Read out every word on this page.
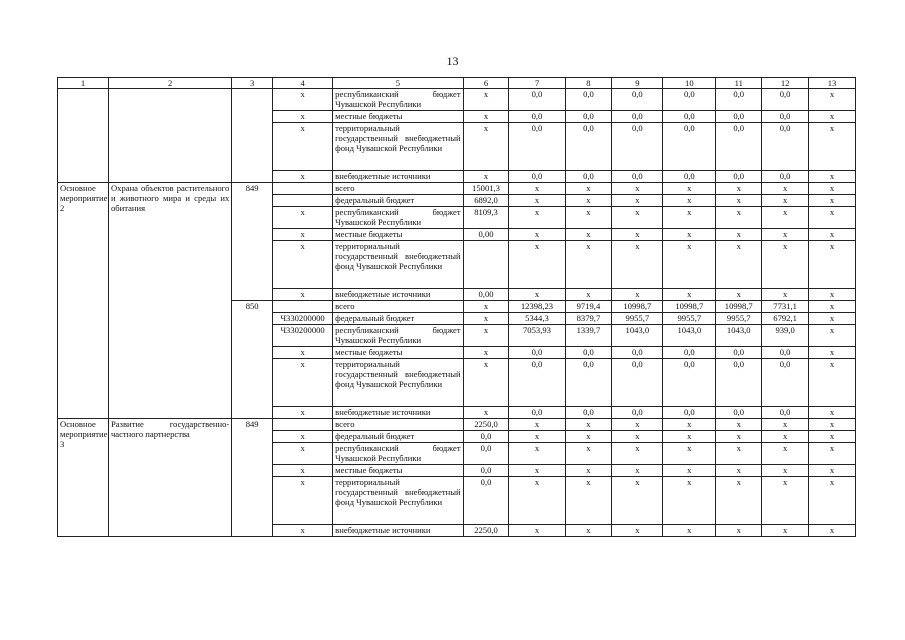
13
1	2	3	4	5	6	7	8	9	10	11	12	13
			x	республиканский бюджет Чувашской Республики	x	0,0	0,0	0,0	0,0	0,0	0,0	x
			x	местные бюджеты	x	0,0	0,0	0,0	0,0	0,0	0,0	x
			x	территориальный государственный внебюджетный фонд Чувашской Республики	x	0,0	0,0	0,0	0,0	0,0	0,0	x
			x	внебюджетные источники	x	0,0	0,0	0,0	0,0	0,0	0,0	x
Основное мероприятие 2	Охрана объектов растительного и животного мира и среды их обитания	849		всего	15001,3	x	x	x	x	x	x	x
				федеральный бюджет	6892,0	x	x	x	x	x	x	x
			x	республиканский бюджет Чувашской Республики	8109,3	x	x	x	x	x	x	x
			x	местные бюджеты	0,00	x	x	x	x	x	x	x
			x	территориальный государственный внебюджетный фонд Чувашской Республики		x	x	x	x	x	x	x
			x	внебюджетные источники	0,00	x	x	x	x	x	x	x
		850		всего	x	12398,23	9719,4	10998,7	10998,7	10998,7	7731,1	x
			Ч330200000	федеральный бюджет	x	5344,3	8379,7	9955,7	9955,7	9955,7	6792,1	x
			Ч330200000	республиканский бюджет Чувашской Республики	x	7053,93	1339,7	1043,0	1043,0	1043,0	939,0	x
			x	местные бюджеты	x	0,0	0,0	0,0	0,0	0,0	0,0	x
			x	территориальный государственный внебюджетный фонд Чувашской Республики	x	0,0	0,0	0,0	0,0	0,0	0,0	x
			x	внебюджетные источники	x	0,0	0,0	0,0	0,0	0,0	0,0	x
Основное мероприятие 3	Развитие государственно-частного партнерства	849		всего	2250,0	x	x	x	x	x	x	x
			x	федеральный бюджет	0,0	x	x	x	x	x	x	x
			x	республиканский бюджет Чувашской Республики	0,0	x	x	x	x	x	x	x
			x	местные бюджеты	0,0	x	x	x	x	x	x	x
			x	территориальный государственный внебюджетный фонд Чувашской Республики	0,0	x	x	x	x	x	x	x
			x	внебюджетные источники	2250,0	x	x	x	x	x	x	x
